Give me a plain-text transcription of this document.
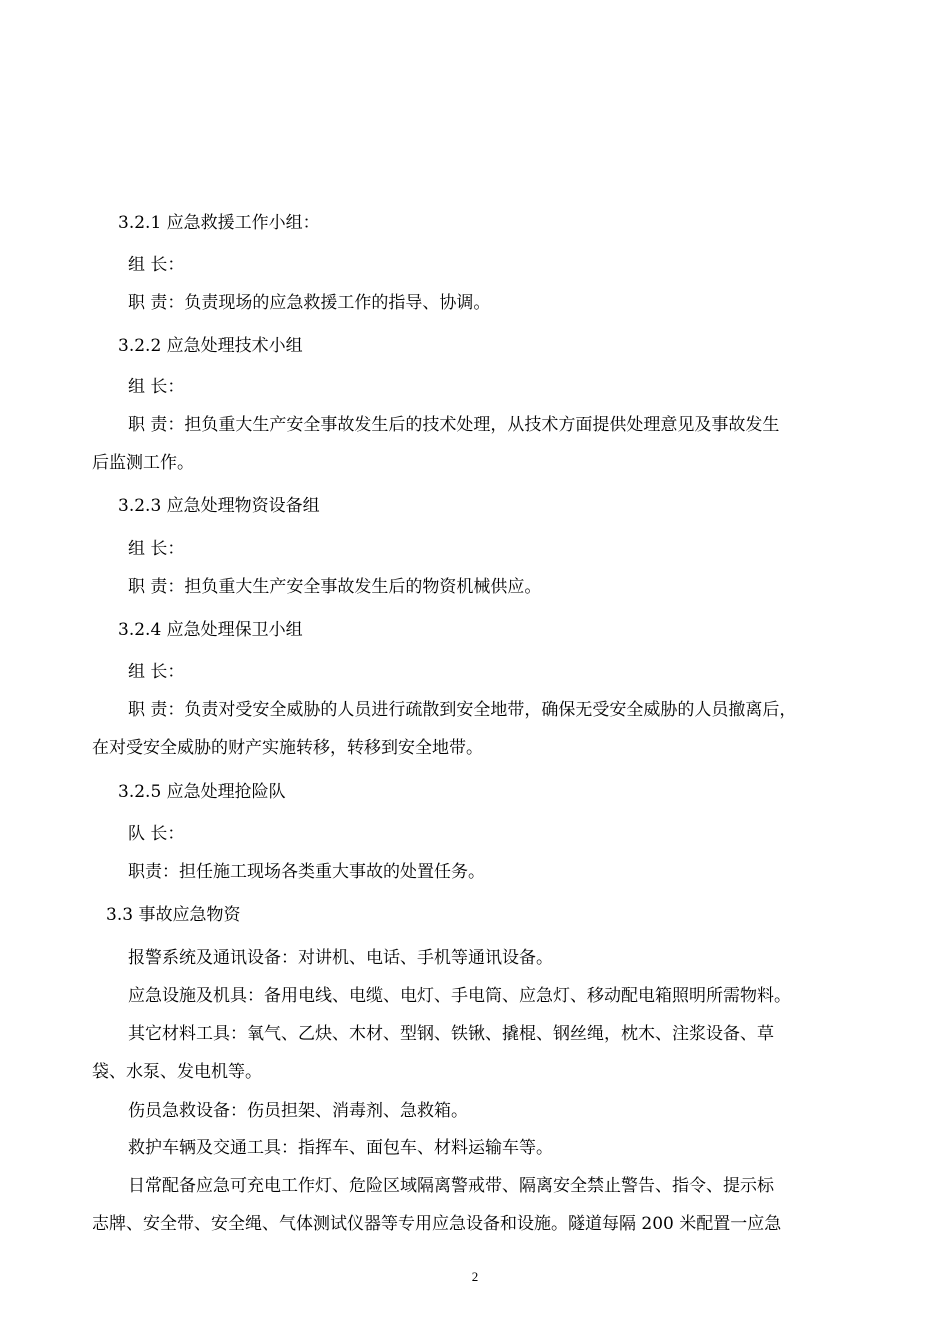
3.2.1 应急救援工作小组：
组 长：
职 责：负责现场的应急救援工作的指导、协调。
3.2.2 应急处理技术小组
组 长：
职 责：担负重大生产安全事故发生后的技术处理，从技术方面提供处理意见及事故发生
后监测工作。
3.2.3 应急处理物资设备组
组 长：
职 责：担负重大生产安全事故发生后的物资机械供应。
3.2.4 应急处理保卫小组
组 长：
职 责：负责对受安全威胁的人员进行疏散到安全地带，确保无受安全威胁的人员撤离后，
在对受安全威胁的财产实施转移，转移到安全地带。
3.2.5 应急处理抢险队
队 长：
职责：担任施工现场各类重大事故的处置任务。
3.3 事故应急物资
报警系统及通讯设备：对讲机、电话、手机等通讯设备。
应急设施及机具：备用电线、电缆、电灯、手电筒、应急灯、移动配电箱照明所需物料。
其它材料工具：氧气、乙炔、木材、型钢、铁锹、撬棍、钢丝绳，枕木、注浆设备、草
袋、水泵、发电机等。
伤员急救设备：伤员担架、消毒剂、急救箱。
救护车辆及交通工具：指挥车、面包车、材料运输车等。
日常配备应急可充电工作灯、危险区域隔离警戒带、隔离安全禁止警告、指令、提示标
志牌、安全带、安全绳、气体测试仪器等专用应急设备和设施。隧道每隔 200 米配置一应急
2
